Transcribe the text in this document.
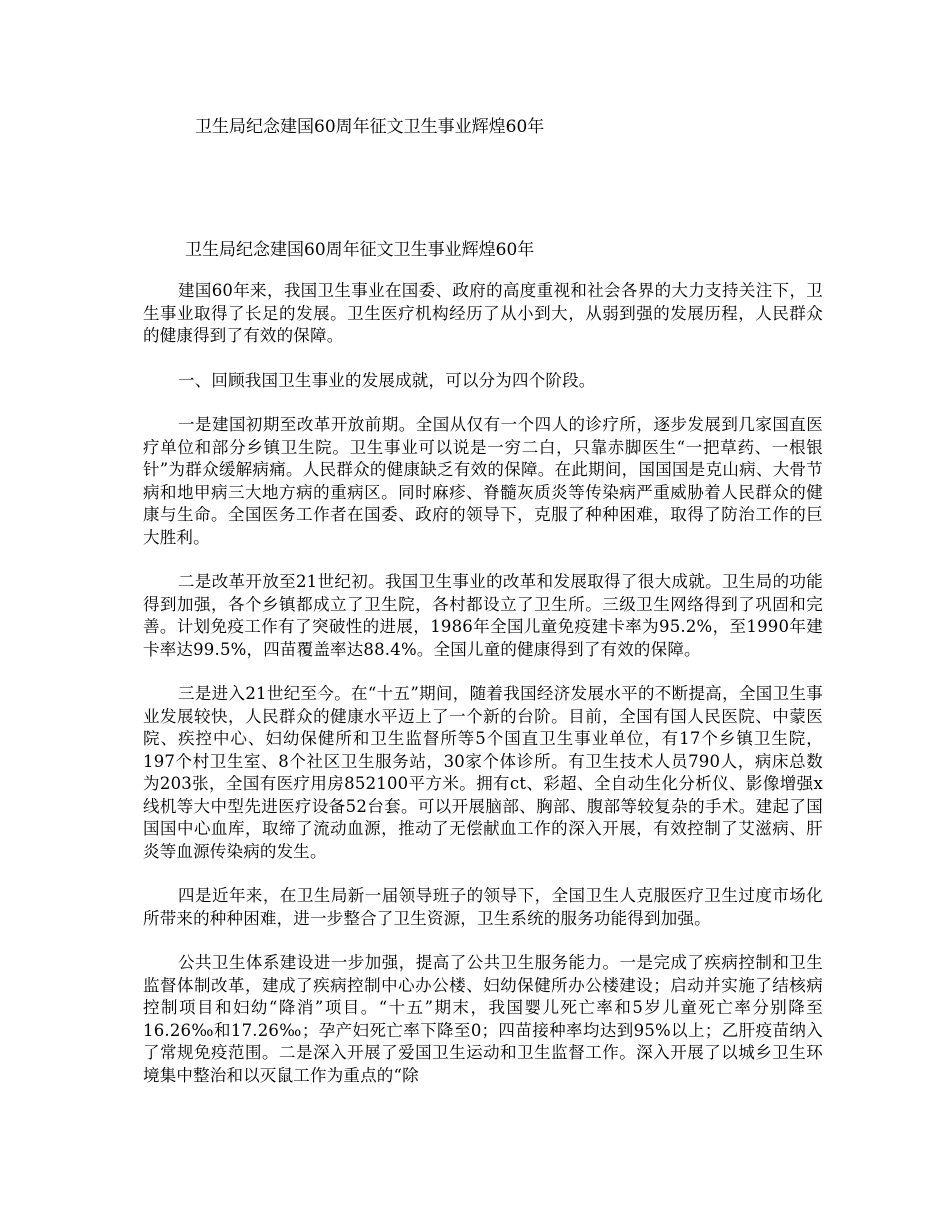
卫生局纪念建国60周年征文卫生事业辉煌60年
卫生局纪念建国60周年征文卫生事业辉煌60年

建国60年来，我国卫生事业在国委、政府的高度重视和社会各界的大力支持关注下，卫生事业取得了长足的发展。卫生医疗机构经历了从小到大，从弱到强的发展历程，人民群众的健康得到了有效的保障。

一、回顾我国卫生事业的发展成就，可以分为四个阶段。

一是建国初期至改革开放前期。全国从仅有一个四人的诊疗所，逐步发展到几家国直医疗单位和部分乡镇卫生院。卫生事业可以说是一穷二白，只靠赤脚医生“一把草药、一根银针”为群众缓解病痛。人民群众的健康缺乏有效的保障。在此期间，国国国是克山病、大骨节病和地甲病三大地方病的重病区。同时麻疹、脊髓灰质炎等传染病严重威胁着人民群众的健康与生命。全国医务工作者在国委、政府的领导下，克服了种种困难，取得了防治工作的巨大胜利。

二是改革开放至21世纪初。我国卫生事业的改革和发展取得了很大成就。卫生局的功能得到加强，各个乡镇都成立了卫生院，各村都设立了卫生所。三级卫生网络得到了巩固和完善。计划免疫工作有了突破性的进展，1986年全国儿童免疫建卡率为95.2%，至1990年建卡率达99.5%，四苗覆盖率达88.4%。全国儿童的健康得到了有效的保障。

三是进入21世纪至今。在“十五”期间，随着我国经济发展水平的不断提高，全国卫生事业发展较快，人民群众的健康水平迈上了一个新的台阶。目前，全国有国人民医院、中蒙医院、疾控中心、妇幼保健所和卫生监督所等5个国直卫生事业单位，有17个乡镇卫生院，197个村卫生室、8个社区卫生服务站，30家个体诊所。有卫生技术人员790人，病床总数为203张，全国有医疗用房852100平方米。拥有ct、彩超、全自动生化分析仪、影像增强x线机等大中型先进医疗设备52台套。可以开展脑部、胸部、腹部等较复杂的手术。建起了国国国中心血库，取缔了流动血源，推动了无偿献血工作的深入开展，有效控制了艾滋病、肝炎等血源传染病的发生。

四是近年来，在卫生局新一届领导班子的领导下，全国卫生人克服医疗卫生过度市场化所带来的种种困难，进一步整合了卫生资源，卫生系统的服务功能得到加强。

公共卫生体系建设进一步加强，提高了公共卫生服务能力。一是完成了疾病控制和卫生监督体制改革，建成了疾病控制中心办公楼、妇幼保健所办公楼建设；启动并实施了结核病控制项目和妇幼“降消”项目。“十五”期末，我国婴儿死亡率和5岁儿童死亡率分别降至16.26‰和17.26‰；孕产妇死亡率下降至0；四苗接种率均达到95%以上；乙肝疫苗纳入了常规免疫范围。二是深入开展了爱国卫生运动和卫生监督工作。深入开展了以城乡卫生环境集中整治和以灭鼠工作为重点的“除
